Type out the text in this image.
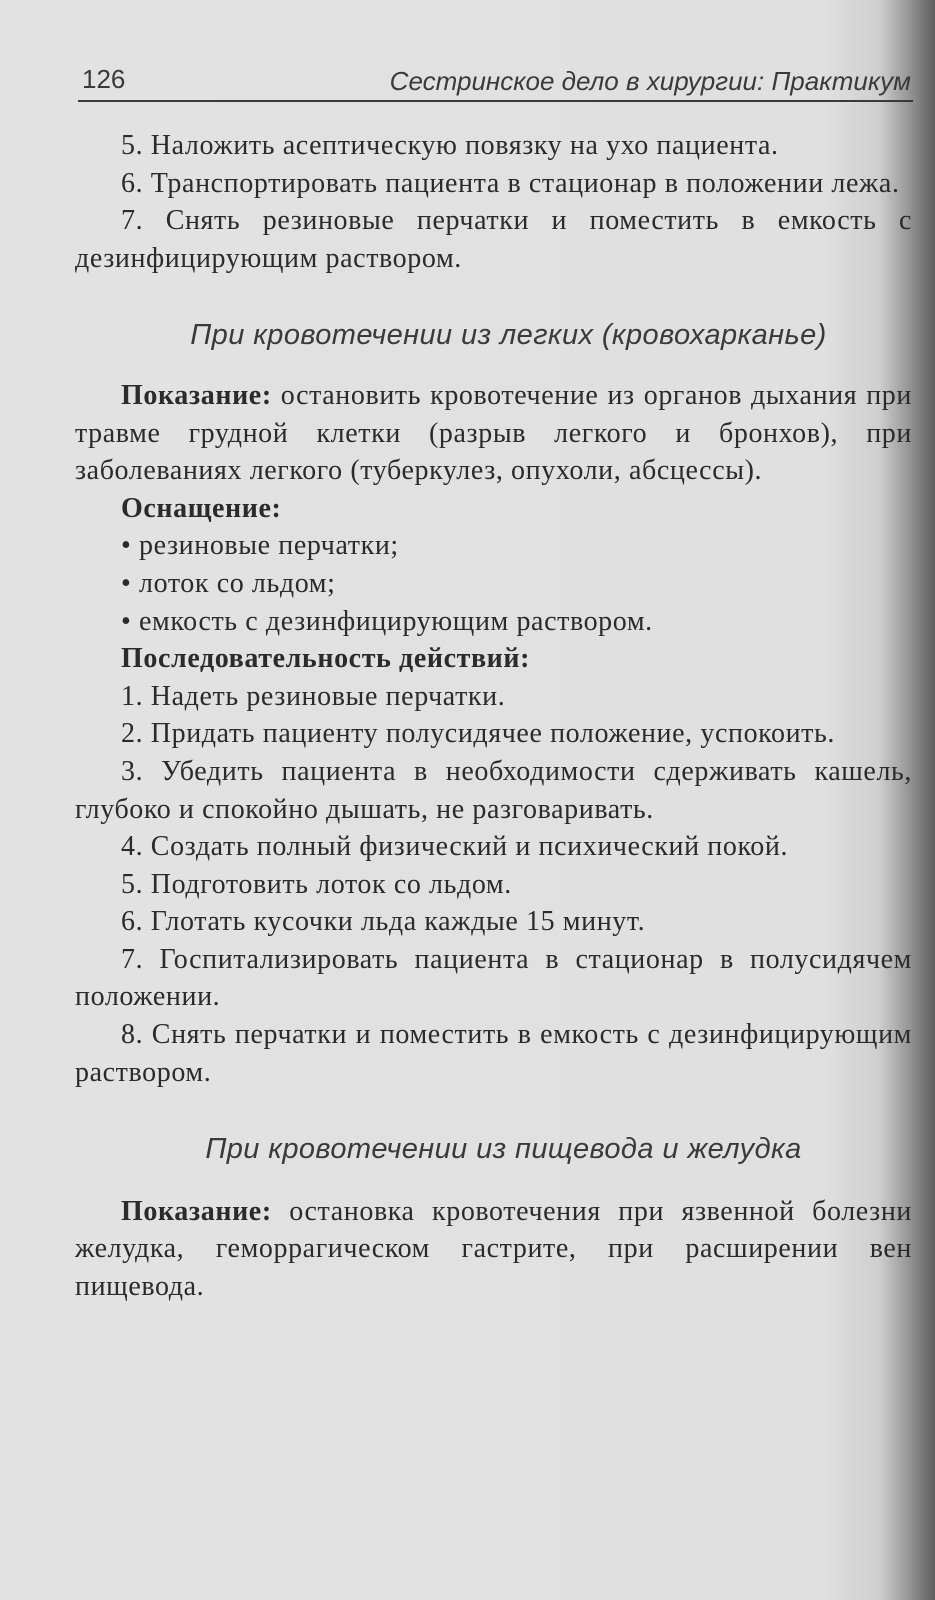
126	Сестринское дело в хирургии: Практикум

5. Наложить асептическую повязку на ухо пациента.

6. Транспортировать пациента в стационар в положении лежа.

7. Снять резиновые перчатки и поместить в емкость с дезинфицирующим раствором.

При кровотечении из легких (кровохарканье)

Показание: остановить кровотечение из органов дыхания при травме грудной клетки (разрыв легкого и бронхов), при заболеваниях легкого (туберкулез, опухоли, абсцессы).

Оснащение:

• резиновые перчатки;

• лоток со льдом;

• емкость с дезинфицирующим раствором.

Последовательность действий:

1. Надеть резиновые перчатки.

2. Придать пациенту полусидячее положение, успокоить.

3. Убедить пациента в необходимости сдерживать кашель, глубоко и спокойно дышать, не разговаривать.

4. Создать полный физический и психический покой.

5. Подготовить лоток со льдом.

6. Глотать кусочки льда каждые 15 минут.

7. Госпитализировать пациента в стационар в полусидячем положении.

8. Снять перчатки и поместить в емкость с дезинфицирующим раствором.

При кровотечении из пищевода и желудка

Показание: остановка кровотечения при язвенной болезни желудка, геморрагическом гастрите, при расширении вен пищевода.
